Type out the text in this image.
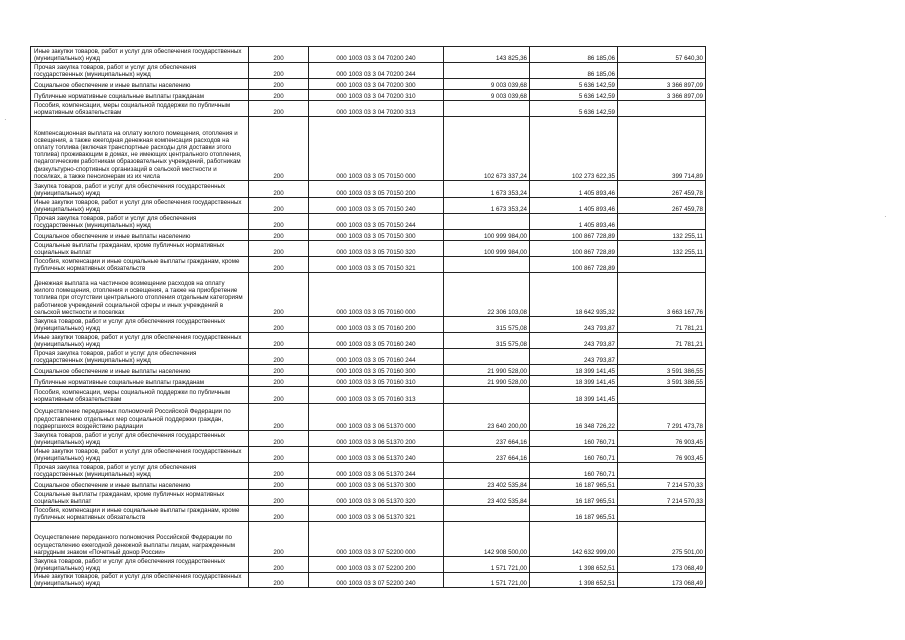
Иные закупки товаров, работ и услуг для обеспечения государственных (муниципальных) нужд	200	000 1003 03 3 04 70200 240	143 825,36	86 185,06	57 640,30
Прочая закупка товаров, работ и услуг для обеспечения государственных (муниципальных) нужд	200	000 1003 03 3 04 70200 244		86 185,06	
Социальное обеспечение и иные выплаты населению	200	000 1003 03 3 04 70200 300	9 003 039,68	5 636 142,59	3 366 897,09
Публичные нормативные социальные выплаты гражданам	200	000 1003 03 3 04 70200 310	9 003 039,68	5 636 142,59	3 366 897,09
Пособия, компенсации, меры социальной поддержки по публичным нормативным обязательствам	200	000 1003 03 3 04 70200 313		5 636 142,59	
Компенсационная выплата на оплату жилого помещения, отопления и освещения, а также ежегодная денежная компенсация расходов на оплату топлива (включая транспортные расходы для доставки этого топлива) проживающим в домах, не имеющих центрального отопления, педагогическим работникам образовательных учреждений, работникам физкультурно-спортивных организаций в сельской местности и поселках, а также пенсионерам из их числа	200	000 1003 03 3 05 70150 000	102 673 337,24	102 273 622,35	399 714,89
Закупка товаров, работ и услуг для обеспечения государственных (муниципальных) нужд	200	000 1003 03 3 05 70150 200	1 673 353,24	1 405 893,46	267 459,78
Иные закупки товаров, работ и услуг для обеспечения государственных (муниципальных) нужд	200	000 1003 03 3 05 70150 240	1 673 353,24	1 405 893,46	267 459,78
Прочая закупка товаров, работ и услуг для обеспечения государственных (муниципальных) нужд	200	000 1003 03 3 05 70150 244		1 405 893,46	
Социальное обеспечение и иные выплаты населению	200	000 1003 03 3 05 70150 300	100 999 984,00	100 867 728,89	132 255,11
Социальные выплаты гражданам, кроме публичных нормативных социальных выплат	200	000 1003 03 3 05 70150 320	100 999 984,00	100 867 728,89	132 255,11
Пособия, компенсации и иные социальные выплаты гражданам, кроме публичных нормативных обязательств	200	000 1003 03 3 05 70150 321		100 867 728,89	
Денежная выплата на частичное возмещение расходов на оплату жилого помещения, отопления и освещения, а также на приобретение топлива при отсутствии центрального отопления отдельным категориям работников учреждений социальной сферы и иных учреждений в сельской местности и поселках	200	000 1003 03 3 05 70160 000	22 306 103,08	18 642 935,32	3 663 167,76
Закупка товаров, работ и услуг для обеспечения государственных (муниципальных) нужд	200	000 1003 03 3 05 70160 200	315 575,08	243 793,87	71 781,21
Иные закупки товаров, работ и услуг для обеспечения государственных (муниципальных) нужд	200	000 1003 03 3 05 70160 240	315 575,08	243 793,87	71 781,21
Прочая закупка товаров, работ и услуг для обеспечения государственных (муниципальных) нужд	200	000 1003 03 3 05 70160 244		243 793,87	
Социальное обеспечение и иные выплаты населению	200	000 1003 03 3 05 70160 300	21 990 528,00	18 399 141,45	3 591 386,55
Публичные нормативные социальные выплаты гражданам	200	000 1003 03 3 05 70160 310	21 990 528,00	18 399 141,45	3 591 386,55
Пособия, компенсации, меры социальной поддержки по публичным нормативным обязательствам	200	000 1003 03 3 05 70160 313		18 399 141,45	
Осуществление переданных полномочий Российской Федерации по предоставлению отдельных мер социальной поддержки граждан, подвергшихся воздействию радиации	200	000 1003 03 3 06 51370 000	23 640 200,00	16 348 726,22	7 291 473,78
Закупка товаров, работ и услуг для обеспечения государственных (муниципальных) нужд	200	000 1003 03 3 06 51370 200	237 664,16	160 760,71	76 903,45
Иные закупки товаров, работ и услуг для обеспечения государственных (муниципальных) нужд	200	000 1003 03 3 06 51370 240	237 664,16	160 760,71	76 903,45
Прочая закупка товаров, работ и услуг для обеспечения государственных (муниципальных) нужд	200	000 1003 03 3 06 51370 244		160 760,71	
Социальное обеспечение и иные выплаты населению	200	000 1003 03 3 06 51370 300	23 402 535,84	16 187 965,51	7 214 570,33
Социальные выплаты гражданам, кроме публичных нормативных социальных выплат	200	000 1003 03 3 06 51370 320	23 402 535,84	16 187 965,51	7 214 570,33
Пособия, компенсации и иные социальные выплаты гражданам, кроме публичных нормативных обязательств	200	000 1003 03 3 06 51370 321		16 187 965,51	
Осуществление переданного полномочия Российской Федерации по осуществлению ежегодной денежной выплаты лицам, награжденным нагрудным знаком «Почетный донор России»	200	000 1003 03 3 07 52200 000	142 908 500,00	142 632 999,00	275 501,00
Закупка товаров, работ и услуг для обеспечения государственных (муниципальных) нужд	200	000 1003 03 3 07 52200 200	1 571 721,00	1 398 652,51	173 068,49
Иные закупки товаров, работ и услуг для обеспечения государственных (муниципальных) нужд	200	000 1003 03 3 07 52200 240	1 571 721,00	1 398 652,51	173 068,49
·
·
